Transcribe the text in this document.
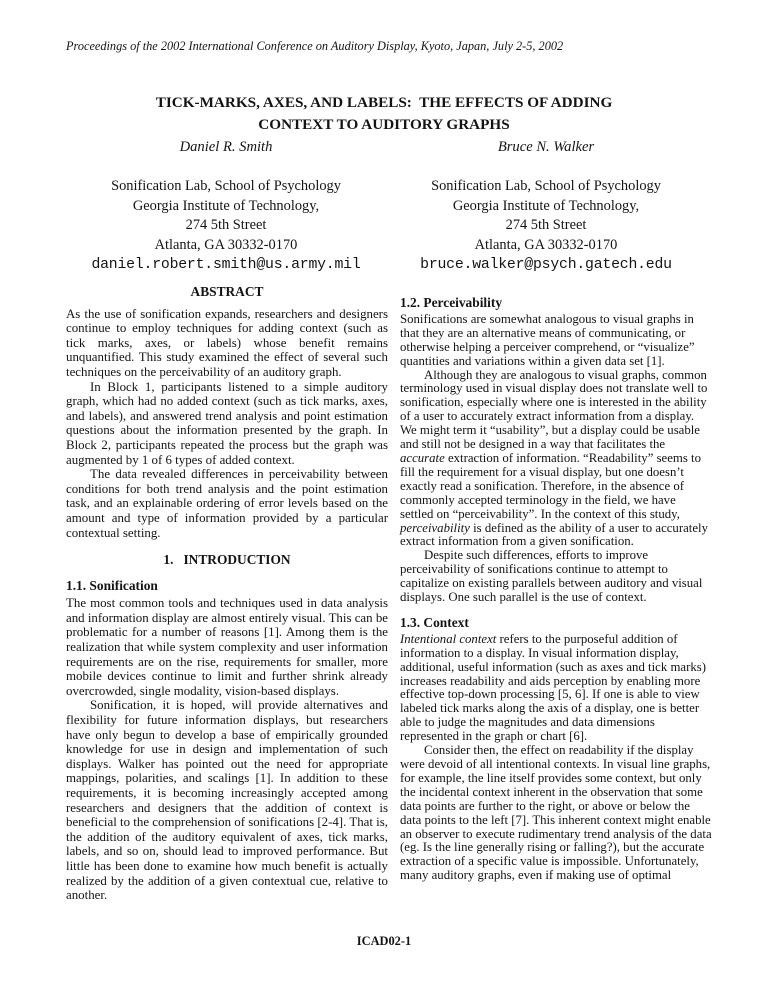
Proceedings of the 2002 International Conference on Auditory Display, Kyoto, Japan, July 2-5, 2002
TICK-MARKS, AXES, AND LABELS:  THE EFFECTS OF ADDING CONTEXT TO AUDITORY GRAPHS
Daniel R. Smith	Bruce N. Walker
Sonification Lab, School of Psychology
Georgia Institute of Technology,
274 5th Street
Atlanta, GA 30332-0170
daniel.robert.smith@us.army.mil
Sonification Lab, School of Psychology
Georgia Institute of Technology,
274 5th Street
Atlanta, GA 30332-0170
bruce.walker@psych.gatech.edu
ABSTRACT

As the use of sonification expands, researchers and designers continue to employ techniques for adding context (such as tick marks, axes, or labels) whose benefit remains unquantified. This study examined the effect of several such techniques on the perceivability of an auditory graph.

In Block 1, participants listened to a simple auditory graph, which had no added context (such as tick marks, axes, and labels), and answered trend analysis and point estimation questions about the information presented by the graph. In Block 2, participants repeated the process but the graph was augmented by 1 of 6 types of added context.

The data revealed differences in perceivability between conditions for both trend analysis and the point estimation task, and an explainable ordering of error levels based on the amount and type of information provided by a particular contextual setting.

1.   INTRODUCTION
1.1. Sonification

The most common tools and techniques used in data analysis and information display are almost entirely visual. This can be problematic for a number of reasons [1]. Among them is the realization that while system complexity and user information requirements are on the rise, requirements for smaller, more mobile devices continue to limit and further shrink already overcrowded, single modality, vision-based displays.

Sonification, it is hoped, will provide alternatives and flexibility for future information displays, but researchers have only begun to develop a base of empirically grounded knowledge for use in design and implementation of such displays. Walker has pointed out the need for appropriate mappings, polarities, and scalings [1]. In addition to these requirements, it is becoming increasingly accepted among researchers and designers that the addition of context is beneficial to the comprehension of sonifications [2-4]. That is, the addition of the auditory equivalent of axes, tick marks, labels, and so on, should lead to improved performance. But little has been done to examine how much benefit is actually realized by the addition of a given contextual cue, relative to another.

1.2. Perceivability

Sonifications are somewhat analogous to visual graphs in that they are an alternative means of communicating, or otherwise helping a perceiver comprehend, or “visualize” quantities and variations within a given data set [1].

Although they are analogous to visual graphs, common terminology used in visual display does not translate well to sonification, especially where one is interested in the ability of a user to accurately extract information from a display. We might term it “usability”, but a display could be usable and still not be designed in a way that facilitates the accurate extraction of information. “Readability” seems to fill the requirement for a visual display, but one doesn’t exactly read a sonification. Therefore, in the absence of commonly accepted terminology in the field, we have settled on “perceivability”. In the context of this study, perceivability is defined as the ability of a user to accurately extract information from a given sonification.

Despite such differences, efforts to improve perceivability of sonifications continue to attempt to capitalize on existing parallels between auditory and visual displays. One such parallel is the use of context.

1.3. Context

Intentional context refers to the purposeful addition of information to a display. In visual information display, additional, useful information (such as axes and tick marks) increases readability and aids perception by enabling more effective top-down processing [5, 6]. If one is able to view labeled tick marks along the axis of a display, one is better able to judge the magnitudes and data dimensions represented in the graph or chart [6].

Consider then, the effect on readability if the display were devoid of all intentional contexts. In visual line graphs, for example, the line itself provides some context, but only the incidental context inherent in the observation that some data points are further to the right, or above or below the data points to the left [7]. This inherent context might enable an observer to execute rudimentary trend analysis of the data (eg. Is the line generally rising or falling?), but the accurate extraction of a specific value is impossible. Unfortunately, many auditory graphs, even if making use of optimal

ICAD02-1
